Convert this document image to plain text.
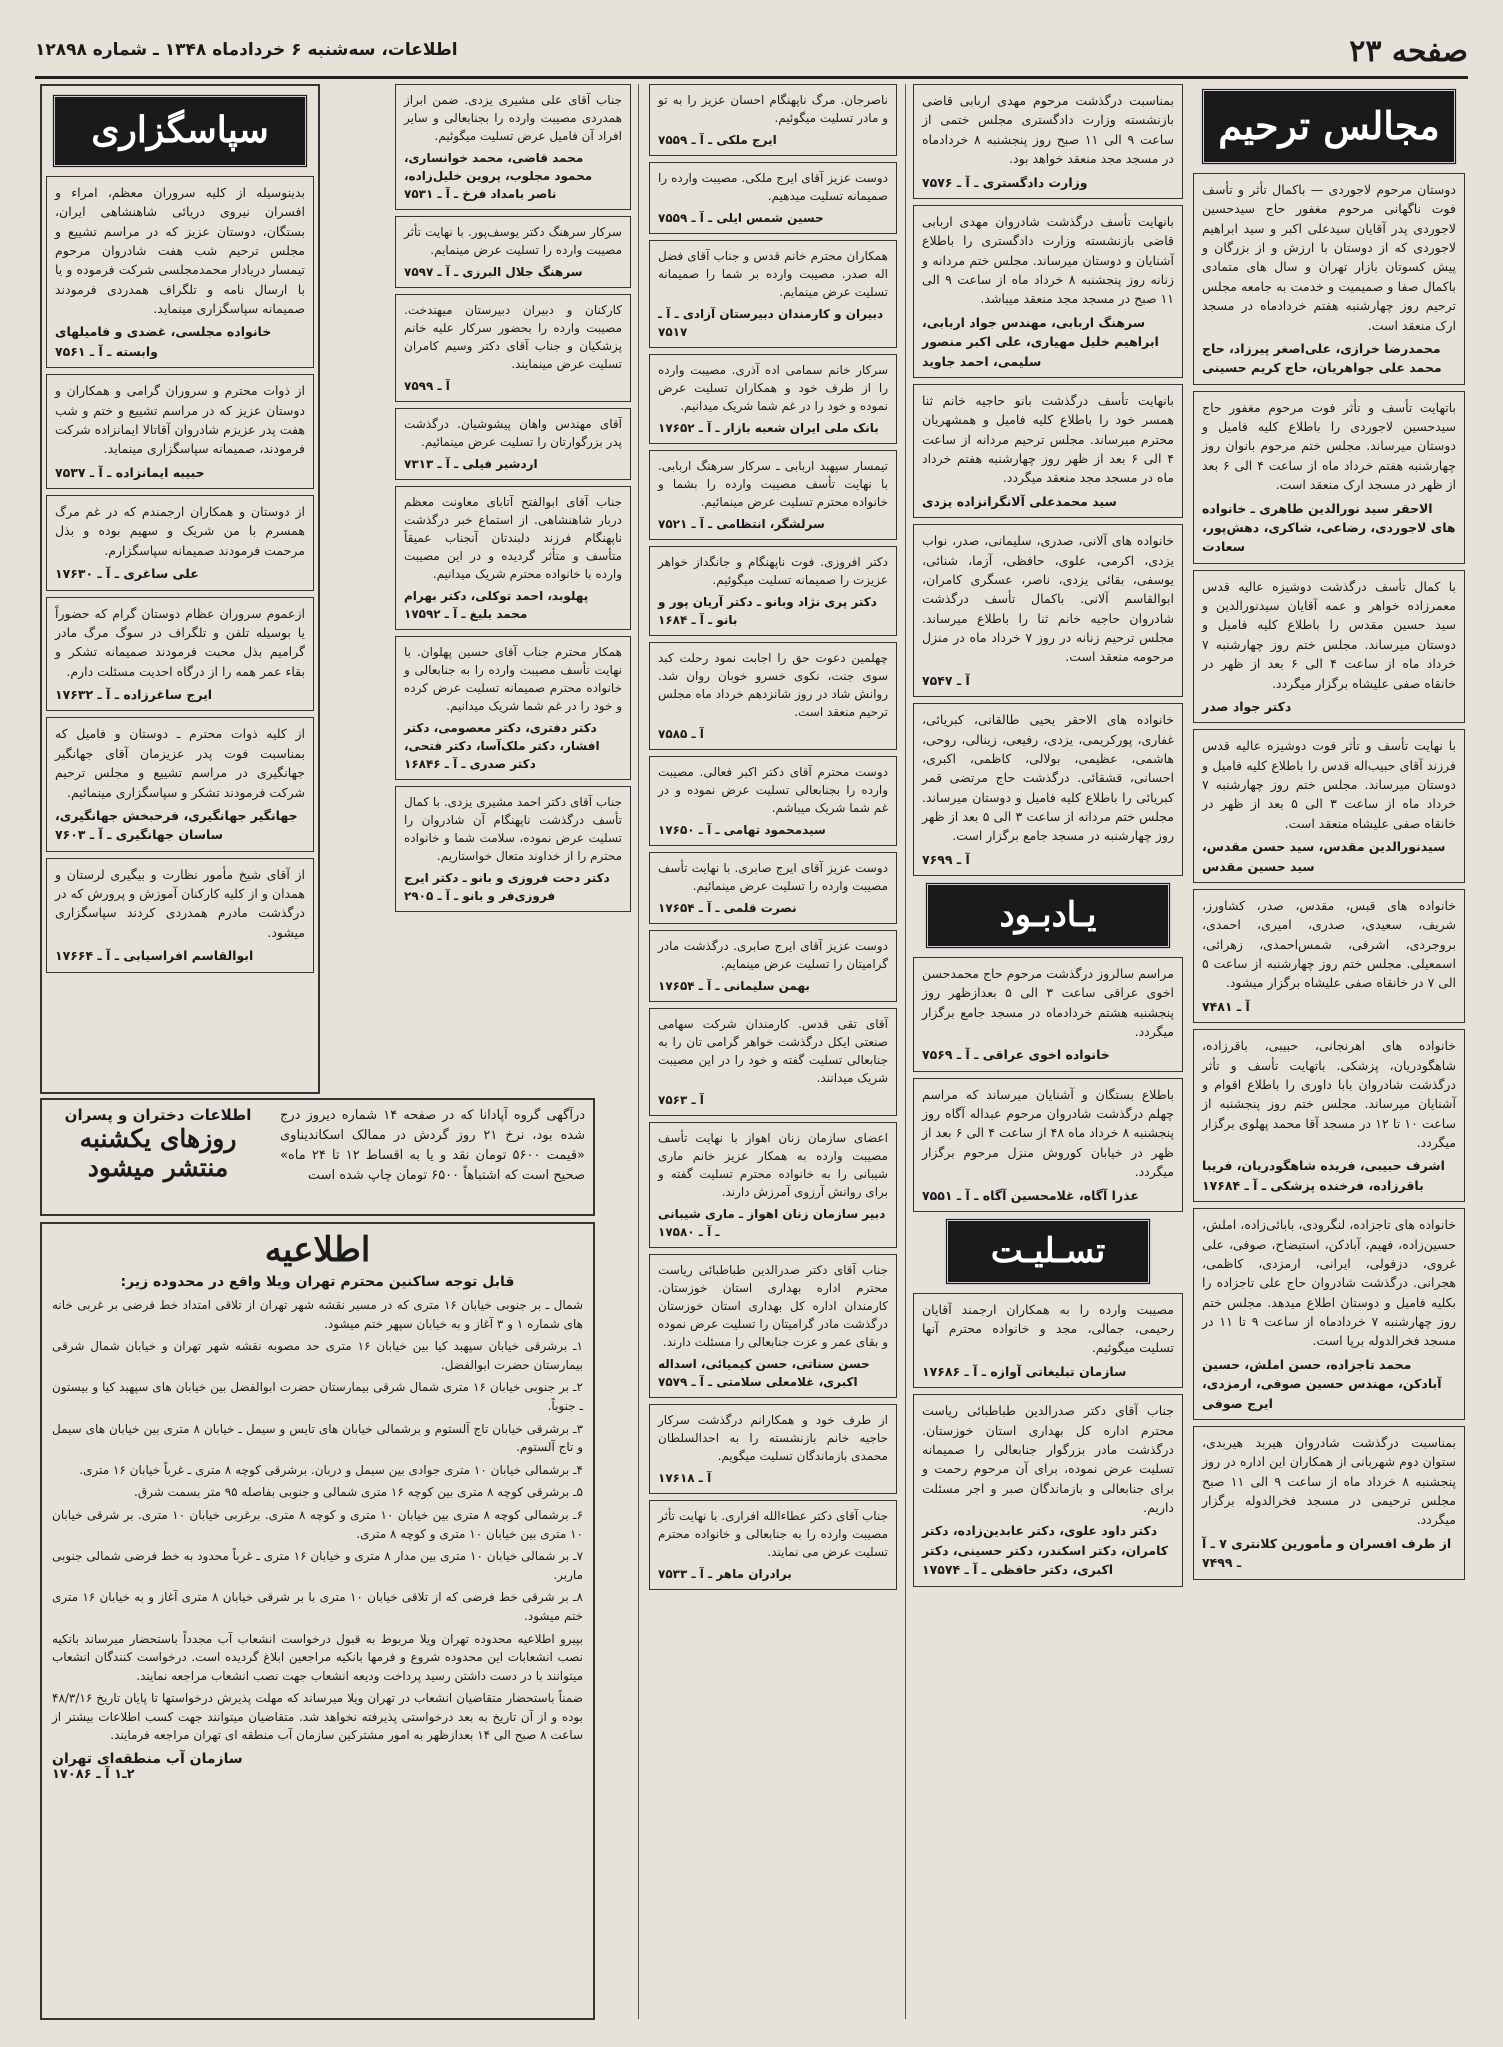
صفحه ۲۳
اطلاعات، سه‌شنبه ۶ خردادماه ۱۳۴۸ ـ شماره ۱۲۸۹۸
مجالس ترحیم
دوستان مرحوم لاجوردی — باکمال تأثر و تأسف فوت ناگهانی مرحوم مغفور حاج سیدحسین لاجوردی پدر آقایان سیدعلی اکبر و سید ابراهیم لاجوردی که از دوستان با ارزش و از بزرگان و پیش کسوتان بازار تهران و سال های متمادی باکمال صفا و صمیمیت و خدمت به جامعه مجلس ترحیم روز چهارشنبه هفتم خردادماه در مسجد ارک منعقد است.
محمدرضا خرازی، علی‌اصغر پیرزاد، حاج محمد علی جواهریان، حاج کریم حسینی
باتهایت تأسف و تأثر فوت مرحوم مغفور حاج سیدحسین لاجوردی را باطلاع کلیه فامیل و دوستان میرساند. مجلس ختم مرحوم بانوان روز چهارشنبه هفتم خرداد ماه از ساعت ۴ الی ۶ بعد از ظهر در مسجد ارک منعقد است.
الاحقر سید نورالدین طاهری ـ خانواده های لاجوردی، رضاعی، شاکری، دهش‌پور، سعادت
با کمال تأسف درگذشت دوشیزه عالیه قدس معمرزاده خواهر و عمه آقایان سیدنورالدین و سید حسین مقدس را باطلاع کلیه فامیل و دوستان میرساند. مجلس ختم روز چهارشنبه ۷ خرداد ماه از ساعت ۴ الی ۶ بعد از ظهر در خانقاه صفی علیشاه برگزار میگردد.
دکتر جواد صدر
با نهایت تأسف و تأثر فوت دوشیزه عالیه قدس فرزند آقای حبیب‌اله قدس را باطلاع کلیه فامیل و دوستان میرساند. مجلس ختم روز چهارشنبه ۷ خرداد ماه از ساعت ۳ الی ۵ بعد از ظهر در خانقاه صفی علیشاه منعقد است.
سیدنورالدین مقدس، سید حسن مقدس، سید حسین مقدس
خانواده های قبس، مقدس، صدر، کشاورز، شریف، سعیدی، صدری، امیری، احمدی، بروجردی، اشرفی، شمس‌احمدی، زهرائی، اسمعیلی. مجلس ختم روز چهارشنبه از ساعت ۵ الی ۷ در خانقاه صفی علیشاه برگزار میشود.
آ ـ ۷۴۸۱
خانواده های اهرنجانی، حبیبی، باقرزاده، شاهگودریان، پزشکی. باتهایت تأسف و تأثر درگذشت شادروان بابا داوری را باطلاع اقوام و آشنایان میرساند. مجلس ختم روز پنجشنبه از ساعت ۱۰ تا ۱۲ در مسجد آقا محمد پهلوی برگزار میگردد.
اشرف حبیبی، فریده شاهگودریان، فریبا باقرزاده، فرخنده پزشکی ـ آ ـ ۱۷۶۸۴
خانواده های تاجزاده، لنگرودی، بابائی‌زاده، املش، حسین‌زاده، فهیم، آبادکن، استیضاح، صوفی، علی غروی، دزفولی، ایرانی، ارمزدی، کاظمی، هجرانی. درگذشت شادروان حاج علی تاجزاده را بکلیه فامیل و دوستان اطلاع میدهد. مجلس ختم روز چهارشنبه ۷ خردادماه از ساعت ۹ تا ۱۱ در مسجد فخرالدوله برپا است.
محمد تاجزاده، حسن املش، حسین آبادکن، مهندس حسین صوفی، ارمزدی، ایرج صوفی
بمناسبت درگذشت شادروان هیربد هیربدی، ستوان دوم شهربانی از همکاران این اداره در روز پنجشنبه ۸ خرداد ماه از ساعت ۹ الی ۱۱ صبح مجلس ترحیمی در مسجد فخرالدوله برگزار میگردد.
از طرف افسران و مأمورین کلانتری ۷ ـ آ ـ ۷۴۹۹
بمناسبت درگذشت مرحوم مهدی اربابی قاضی بازنشسته وزارت دادگستری مجلس ختمی از ساعت ۹ الی ۱۱ صبح روز پنجشنبه ۸ خردادماه در مسجد مجد منعقد خواهد بود.
وزارت دادگستری ـ آ ـ ۷۵۷۶
بانهایت تأسف درگذشت شادروان مهدی اربابی قاضی بازنشسته وزارت دادگستری را باطلاع آشنایان و دوستان میرساند. مجلس ختم مردانه و زنانه روز پنجشنبه ۸ خرداد ماه از ساعت ۹ الی ۱۱ صبح در مسجد مجد منعقد میباشد.
سرهنگ اربابی، مهندس جواد اربابی، ابراهیم خلیل مهیاری، علی اکبر منصور سلیمی، احمد جاوید
بانهایت تأسف درگذشت بانو حاجیه خانم ثنا همسر خود را باطلاع کلیه فامیل و همشهریان محترم میرساند. مجلس ترحیم مردانه از ساعت ۴ الی ۶ بعد از ظهر روز چهارشنبه هفتم خرداد ماه در مسجد مجد منعقد میگردد.
سید محمدعلی آلانگرانزاده یزدی
خانواده های آلانی، صدری، سلیمانی، صدر، نواب یزدی، اکرمی، علوی، حافظی، آزما، شنائی، یوسفی، بقائی یزدی، ناصر، عسگری کامران، ابوالقاسم آلانی. باکمال تأسف درگذشت شادروان حاجیه خانم ثنا را باطلاع میرساند. مجلس ترحیم زنانه در روز ۷ خرداد ماه در منزل مرحومه منعقد است.
آ ـ ۷۵۴۷
خانواده های الاحقر یحیی طالقانی، کبریائی، غفاری، پورکریمی، یزدی، رفیعی، زینالی، روحی، هاشمی، عظیمی، بولالی، کاظمی، اکبری، احسانی، قشقائی. درگذشت حاج مرتضی قمر کبریائی را باطلاع کلیه فامیل و دوستان میرساند. مجلس ختم مردانه از ساعت ۳ الی ۵ بعد از ظهر روز چهارشنبه در مسجد جامع برگزار است.
آ ـ ۷۶۹۹
یـادبـود
مراسم سالروز درگذشت مرحوم حاج محمدحسن اخوی عراقی ساعت ۳ الی ۵ بعدازظهر روز پنجشنبه هشتم خردادماه در مسجد جامع برگزار میگردد.
خانواده اخوی عراقی ـ آ ـ ۷۵۶۹
باطلاع بستگان و آشنایان میرساند که مراسم چهلم درگذشت شادروان مرحوم عبداله آگاه روز پنجشنبه ۸ خرداد ماه ۴۸ از ساعت ۴ الی ۶ بعد از ظهر در خیابان کوروش منزل مرحوم برگزار میگردد.
عذرا آگاه، غلامحسین آگاه ـ آ ـ ۷۵۵۱
تسـلیـت
مصیبت وارده را به همکاران ارجمند آقایان رحیمی، جمالی، مجد و خانواده محترم آنها تسلیت میگوئیم.
سازمان تبلیغاتی آوازه ـ آ ـ ۱۷۶۸۶
جناب آقای دکتر صدرالدین طباطبائی ریاست محترم اداره کل بهداری استان خوزستان. درگذشت مادر بزرگوار جنابعالی را صمیمانه تسلیت عرض نموده، برای آن مرحوم رحمت و برای جنابعالی و بازماندگان صبر و اجر مسئلت داریم.
دکتر داود علوی، دکتر عابدین‌زاده، دکتر کامران، دکتر اسکندر، دکتر حسینی، دکتر اکبری، دکتر حافظی ـ آ ـ ۱۷۵۷۴
ناصرجان. مرگ ناپهنگام احسان عزیز را به تو و مادر تسلیت میگوئیم.
ایرج ملکی ـ آ ـ ۷۵۵۹
دوست عزیز آقای ایرج ملکی. مصیبت وارده را صمیمانه تسلیت میدهیم.
حسین شمس ایلی ـ آ ـ ۷۵۵۹
همکاران محترم خانم قدس و جناب آقای فضل اله صدر. مصیبت وارده بر شما را صمیمانه تسلیت عرض مینمایم.
دبیران و کارمندان دبیرستان آزادی ـ آ ـ ۷۵۱۷
سرکار خانم سمامی اده آذری. مصیبت وارده را از طرف خود و همکاران تسلیت عرض نموده و خود را در غم شما شریک میدانیم.
بانک ملی ایران شعبه بازار ـ آ ـ ۱۷۶۵۲
تیمسار سپهبد اربابی ـ سرکار سرهنگ اربابی. با نهایت تأسف مصیبت وارده را بشما و خانواده محترم تسلیت عرض مینمائیم.
سرلشگر، انتظامی ـ آ ـ ۷۵۲۱
دکتر افروزی. فوت ناپهنگام و جانگداز خواهر عزیزت را صمیمانه تسلیت میگوئیم.
دکتر پری نژاد وبانو ـ دکتر آریان پور و بانو ـ آ ـ ۱۶۸۴
چهلمین دعوت حق را اجابت نمود رحلت کبد سوی جنت، نکوی خسرو خوبان روان شد. روانش شاد در روز شانزدهم خرداد ماه مجلس ترحیم منعقد است.
آ ـ ۷۵۸۵
دوست محترم آقای دکتر اکبر فعالی. مصیبت وارده را بجنابعالی تسلیت عرض نموده و در غم شما شریک میباشم.
سیدمحمود تهامی ـ آ ـ ۱۷۶۵۰
دوست عزیز آقای ایرج صابری. با نهایت تأسف مصیبت وارده را تسلیت عرض مینمائیم.
نصرت قلمی ـ آ ـ ۱۷۶۵۴
دوست عزیز آقای ایرج صابری. درگذشت مادر گرامیتان را تسلیت عرض مینمایم.
بهمن سلیمانی ـ آ ـ ۱۷۶۵۴
آقای تقی قدس. کارمندان شرکت سهامی صنعتی ایکل درگذشت خواهر گرامی تان را به جنابعالی تسلیت گفته و خود را در این مصیبت شریک میدانند.
آ ـ ۷۵۶۳
اعضای سازمان زنان اهواز با نهایت تأسف مصیبت وارده به همکار عزیز خانم ماری شیبانی را به خانواده محترم تسلیت گفته و برای روانش آرزوی آمرزش دارند.
دبیر سازمان زنان اهواز ـ ماری شیبانی ـ آ ـ ۱۷۵۸۰
جناب آقای دکتر صدرالدین طباطبائی ریاست محترم اداره بهداری استان خوزستان. کارمندان اداره کل بهداری استان خوزستان درگذشت مادر گرامیتان را تسلیت عرض نموده و بقای عمر و عزت جنابعالی را مسئلت دارند.
حسن سناتی، حسن کیمیائی، اسداله اکبری، غلامعلی سلامتی ـ آ ـ ۷۵۷۹
از طرف خود و همکارانم درگذشت سرکار حاجیه خانم بازنشسته را به احدالسلطان محمدی بازماندگان تسلیت میگویم.
آ ـ ۱۷۶۱۸
جناب آقای دکتر عطاءالله افراری. با نهایت تأثر مصیبت وارده را به جنابعالی و خانواده محترم تسلیت عرض می نمایند.
برادران ماهر ـ آ ـ ۷۵۳۳
جناب آقای علی مشیری یزدی. ضمن ابراز همدردی مصیبت وارده را بجنابعالی و سایر افراد آن فامیل عرض تسلیت میگوئیم.
محمد قاضی، محمد خوانساری، محمود مجلوب، پروین خلیل‌زاده، ناصر بامداد فرخ ـ آ ـ ۷۵۳۱
سرکار سرهنگ دکتر یوسف‌پور. با نهایت تأثر مصیبت وارده را تسلیت عرض مینمایم.
سرهنگ جلال البرزی ـ آ ـ ۷۵۹۷
کارکنان و دبیران دبیرستان میهندخت. مصیبت وارده را بحضور سرکار علیه خانم پزشکیان و جناب آقای دکتر وسیم کامران تسلیت عرض مینمایند.
آ ـ ۷۵۹۹
آقای مهندس واهان پیشوشیان. درگذشت پدر بزرگوارتان را تسلیت عرض مینمائیم.
اردشیر فیلی ـ آ ـ ۷۳۱۳
جناب آقای ابوالفتح آتابای معاونت معظم دربار شاهنشاهی. از استماع خبر درگذشت ناپهنگام فرزند دلبندتان آنجناب عمیقاً متأسف و متأثر گردیده و در این مصیبت وارده با خانواده محترم شریک میدانیم.
پهلوبد، احمد توکلی، دکتر بهرام محمد بلیغ ـ آ ـ ۱۷۵۹۲
همکار محترم جناب آقای حسین پهلوان. با نهایت تأسف مصیبت وارده را به جنابعالی و خانواده محترم صمیمانه تسلیت عرض کرده و خود را در غم شما شریک میدانیم.
دکتر دفتری، دکتر معصومی، دکتر افشار، دکتر ملک‌آسا، دکتر فتحی، دکتر صدری ـ آ ـ ۱۶۸۴۶
جناب آقای دکتر احمد مشیری یزدی. با کمال تأسف درگذشت ناپهنگام آن شادروان را تسلیت عرض نموده، سلامت شما و خانواده محترم را از خداوند متعال خواستاریم.
دکتر دحت فروزی و بانو ـ دکتر ایرج فروزی‌فر و بانو ـ آ ـ ۲۹۰۵
سپاسگزاری
بدینوسیله از کلیه سروران معظم، امراء و افسران نیروی دریائی شاهنشاهی ایران، بستگان، دوستان عزیز که در مراسم تشییع و مجلس ترحیم شب هفت شادروان مرحوم تیمسار دریادار محمدمجلسی شرکت فرموده و یا با ارسال نامه و تلگراف همدردی فرمودند صمیمانه سپاسگزاری مینماید.
خانواده مجلسی، غضدی و فامیلهای وابسته ـ آ ـ ۷۵۶۱
از ذوات محترم و سروران گرامی و همکاران و دوستان عزیز که در مراسم تشییع و ختم و شب هفت پدر عزیزم شادروان آقاتالا ایمانزاده شرکت فرمودند، صمیمانه سپاسگزاری مینماید.
حبیبه ایمانزاده ـ آ ـ ۷۵۳۷
از دوستان و همکاران ارجمندم که در غم مرگ همسرم با من شریک و سهیم بوده و بذل مرحمت فرمودند صمیمانه سپاسگزارم.
علی ساغری ـ آ ـ ۱۷۶۳۰
ازعموم سروران عظام دوستان گرام که حضوراً یا بوسیله تلفن و تلگراف در سوگ مرگ مادر گرامیم بذل محبت فرمودند صمیمانه تشکر و بقاء عمر همه را از درگاه احدیت مسئلت دارم.
ایرج ساغرزاده ـ آ ـ ۱۷۶۳۲
از کلیه ذوات محترم ـ دوستان و فامیل که بمناسبت فوت پدر عزیزمان آقای جهانگیر جهانگیری در مراسم تشییع و مجلس ترحیم شرکت فرمودند تشکر و سپاسگزاری مینمائیم.
جهانگیر جهانگیری، فرحبخش جهانگیری، ساسان جهانگیری ـ آ ـ ۷۶۰۳
از آقای شیخ مأمور نظارت و بیگیری لرستان و همدان و از کلیه کارکنان آموزش و پرورش که در درگذشت مادرم همدردی کردند سپاسگزاری میشود.
ابوالقاسم افراسیابی ـ آ ـ ۱۷۶۶۴
درآگهی گروه آپادانا که در صفحه ۱۴ شماره دیروز درج شده بود، نرخ ۲۱ روز گردش در ممالک اسکاندیناوی «قیمت ۵۶۰۰ تومان نقد و یا به اقساط ۱۲ تا ۲۴ ماه» صحیح است که اشتباهاً ۶۵۰۰ تومان چاپ شده است
اطلاعات دختران و پسران
روزهای یکشنبه
منتشر میشود
اطلاعیه
قابل توجه ساکنین محترم تهران ویلا واقع در محدوده زیر:
شمال ـ بر جنوبی خیابان ۱۶ متری که در مسیر نقشه شهر تهران از تلاقی امتداد خط فرضی بر غربی خانه های شماره ۱ و ۳ آغاز و به خیابان سپهر ختم میشود.
۱ـ برشرقی خیابان سپهبد کیا بین خیابان ۱۶ متری حد مصوبه نقشه شهر تهران و خیابان شمال شرقی بیمارستان حضرت ابوالفضل.
۲ـ بر جنوبی خیابان ۱۶ متری شمال شرقی بیمارستان حضرت ابوالفضل بین خیابان های سپهبد کیا و بیستون ـ جنوباً.
۳ـ برشرقی خیابان تاج آلستوم و برشمالی خیابان های تایس و سیمل ـ خیابان ۸ متری بین خیابان های سیمل و تاج آلستوم.
۴ـ برشمالی خیابان ۱۰ متری جوادی بین سیمل و دربان. برشرقی کوچه ۸ متری ـ غرباً خیابان ۱۶ متری.
۵ـ برشرقی کوچه ۸ متری بین کوچه ۱۶ متری شمالی و جنوبی بفاصله ۹۵ متر بسمت شرق.
۶ـ برشمالی کوچه ۸ متری بین خیابان ۱۰ متری و کوچه ۸ متری. برغربی خیابان ۱۰ متری. بر شرقی خیابان ۱۰ متری بین خیابان ۱۰ متری و کوچه ۸ متری.
۷ـ بر شمالی خیابان ۱۰ متری بین مدار ۸ متری و خیابان ۱۶ متری ـ غرباً محدود به خط فرضی شمالی جنوبی ماربر.
۸ـ بر شرقی خط فرضی که از تلاقی خیابان ۱۰ متری با بر شرقی خیابان ۸ متری آغاز و به خیابان ۱۶ متری ختم میشود.
بپیرو اطلاعیه محدوده تهران ویلا مربوط به قبول درخواست انشعاب آب مجدداً باستحضار میرساند باتکیه نصب انشعابات این محدوده شروع و فرمها بانکیه مراجعین ابلاغ گردیده است. درخواست کنندگان انشعاب میتوانند با در دست داشتن رسید پرداخت ودیعه انشعاب جهت نصب انشعاب مراجعه نمایند.
ضمناً باستحضار متقاضیان انشعاب در تهران ویلا میرساند که مهلت پذیرش درخواستها تا پایان تاریخ ۴۸/۳/۱۶ بوده و از آن تاریخ به بعد درخواستی پذیرفته نخواهد شد. متقاضیان میتوانند جهت کسب اطلاعات بیشتر از ساعت ۸ صبح الی ۱۴ بعدازظهر به امور مشترکین سازمان آب منطقه ای تهران مراجعه فرمایند.
سازمان آب منطقه‌ای تهران
۲ـ۱ آ ـ ۱۷۰۸۶
